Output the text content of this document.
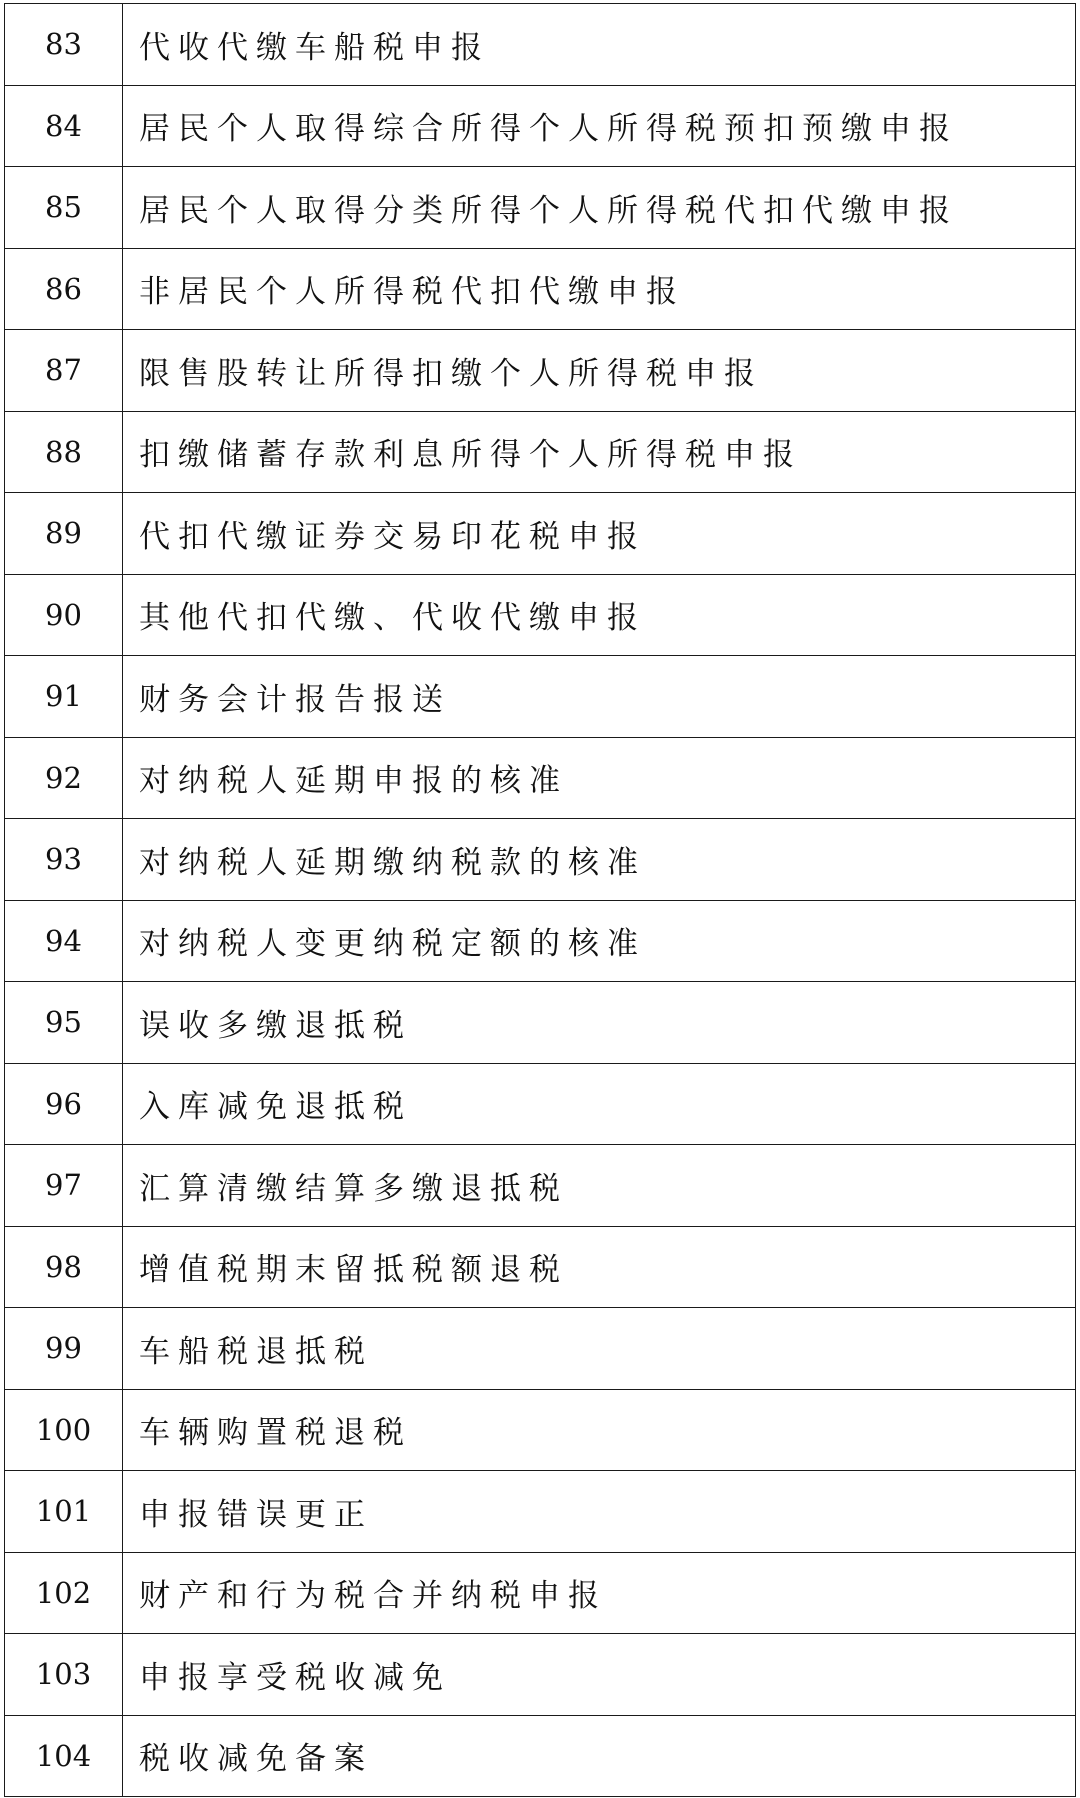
83	代收代缴车船税申报
84	居民个人取得综合所得个人所得税预扣预缴申报
85	居民个人取得分类所得个人所得税代扣代缴申报
86	非居民个人所得税代扣代缴申报
87	限售股转让所得扣缴个人所得税申报
88	扣缴储蓄存款利息所得个人所得税申报
89	代扣代缴证券交易印花税申报
90	其他代扣代缴、代收代缴申报
91	财务会计报告报送
92	对纳税人延期申报的核准
93	对纳税人延期缴纳税款的核准
94	对纳税人变更纳税定额的核准
95	误收多缴退抵税
96	入库减免退抵税
97	汇算清缴结算多缴退抵税
98	增值税期末留抵税额退税
99	车船税退抵税
100	车辆购置税退税
101	申报错误更正
102	财产和行为税合并纳税申报
103	申报享受税收减免
104	税收减免备案
